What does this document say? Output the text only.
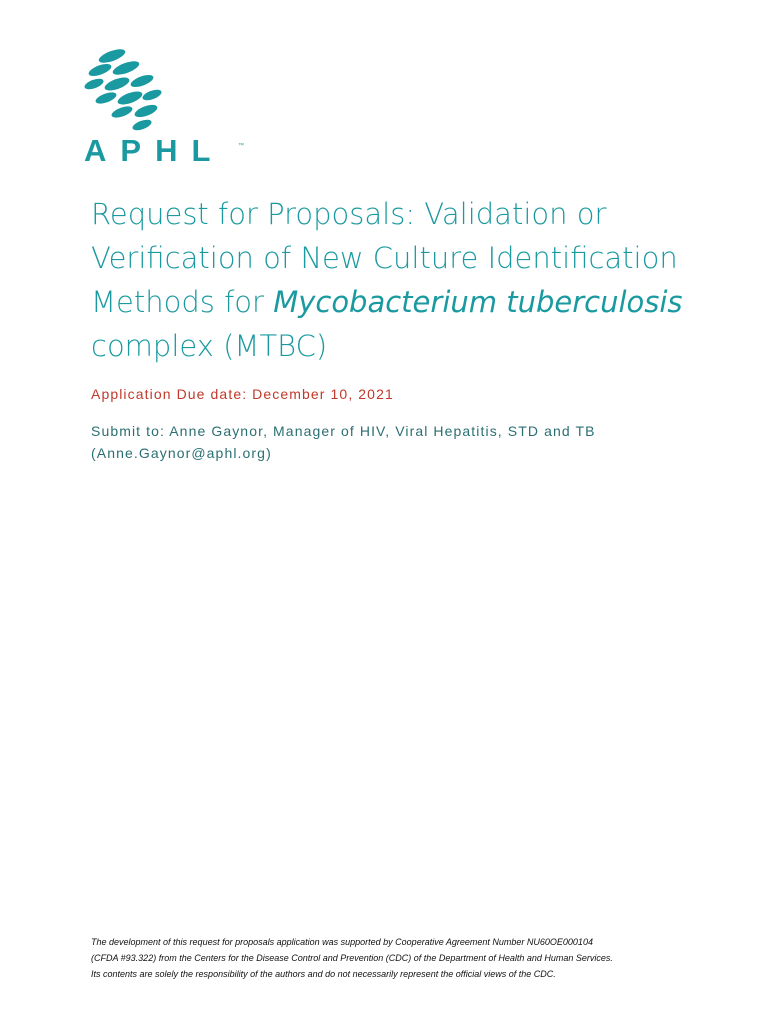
APHL ™
Request for Proposals: Validation or
Verification of New Culture Identification
Methods for Mycobacterium tuberculosis
complex (MTBC)

Application Due date: December 10, 2021

Submit to: Anne Gaynor, Manager of HIV, Viral Hepatitis, STD and TB
(Anne.Gaynor@aphl.org)

The development of this request for proposals application was supported by Cooperative Agreement Number NU60OE000104
(CFDA #93.322) from the Centers for the Disease Control and Prevention (CDC) of the Department of Health and Human Services.
Its contents are solely the responsibility of the authors and do not necessarily represent the official views of the CDC.
